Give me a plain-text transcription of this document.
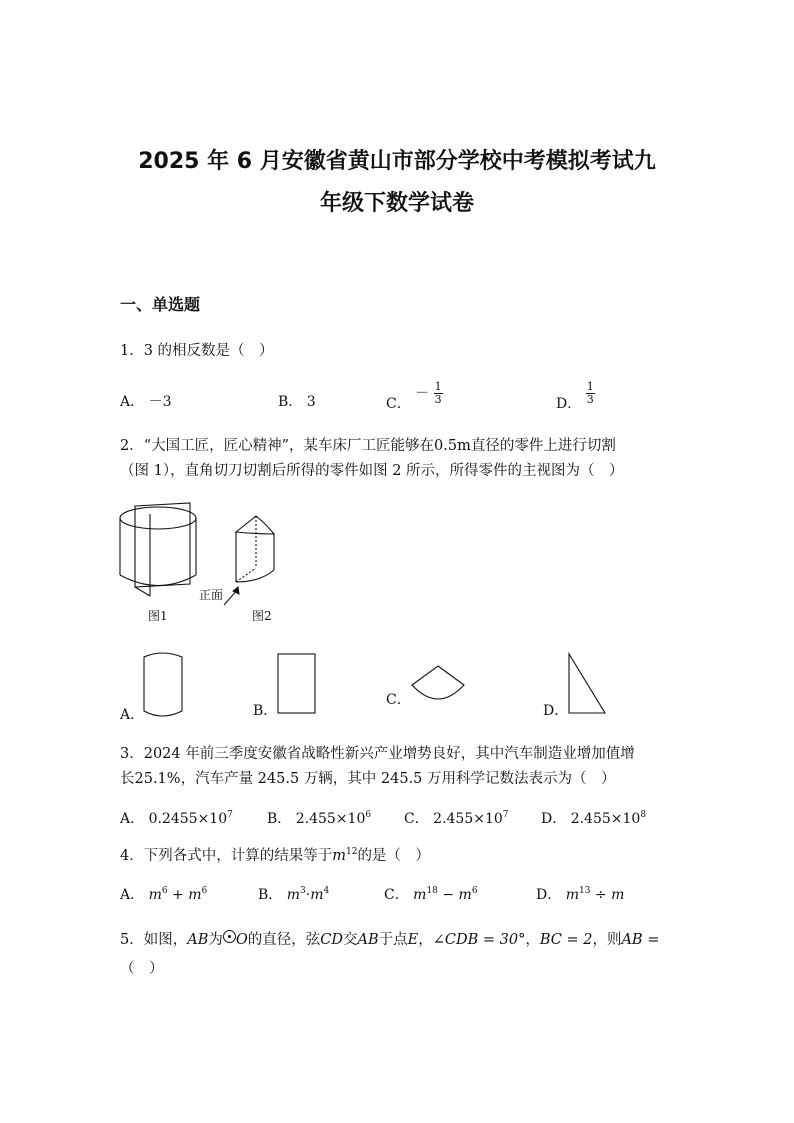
2025 年 6 月安徽省黄山市部分学校中考模拟考试九
年级下数学试卷
一、单选题
1．3 的相反数是（　）
A． －3	B． 3	C． － $\frac{1}{3}$	D． $\frac{1}{3}$
2．“大国工匠，匠心精神”，某车床厂工匠能够在0.5m直径的零件上进行切割
（图 1），直角切刀切割后所得的零件如图 2 所示，所得零件的主视图为（　）
正面
图1	图2
A．	B．
C．
D．
3．2024 年前三季度安徽省战略性新兴产业增势良好，其中汽车制造业增加值增
长25.1%，汽车产量 245.5 万辆，其中 245.5 万用科学记数法表示为（　）
A． $0.2455\times 10^7$ B． $2.455\times 10^6$ C． $2.455\times 10^7$ D． $2.455\times 10^8$
4．下列各式中，计算的结果等于$m^{12}$的是（　）
A． $m^6 + m^6$	B． $m^3\cdot m^4$	C． $m^{18} - m^6$	D． $m^{13} \div m$
5．如图，AB为 O的直径，弦CD交AB于点E，∠CDB = 30°，BC = 2，则AB =
（　）
